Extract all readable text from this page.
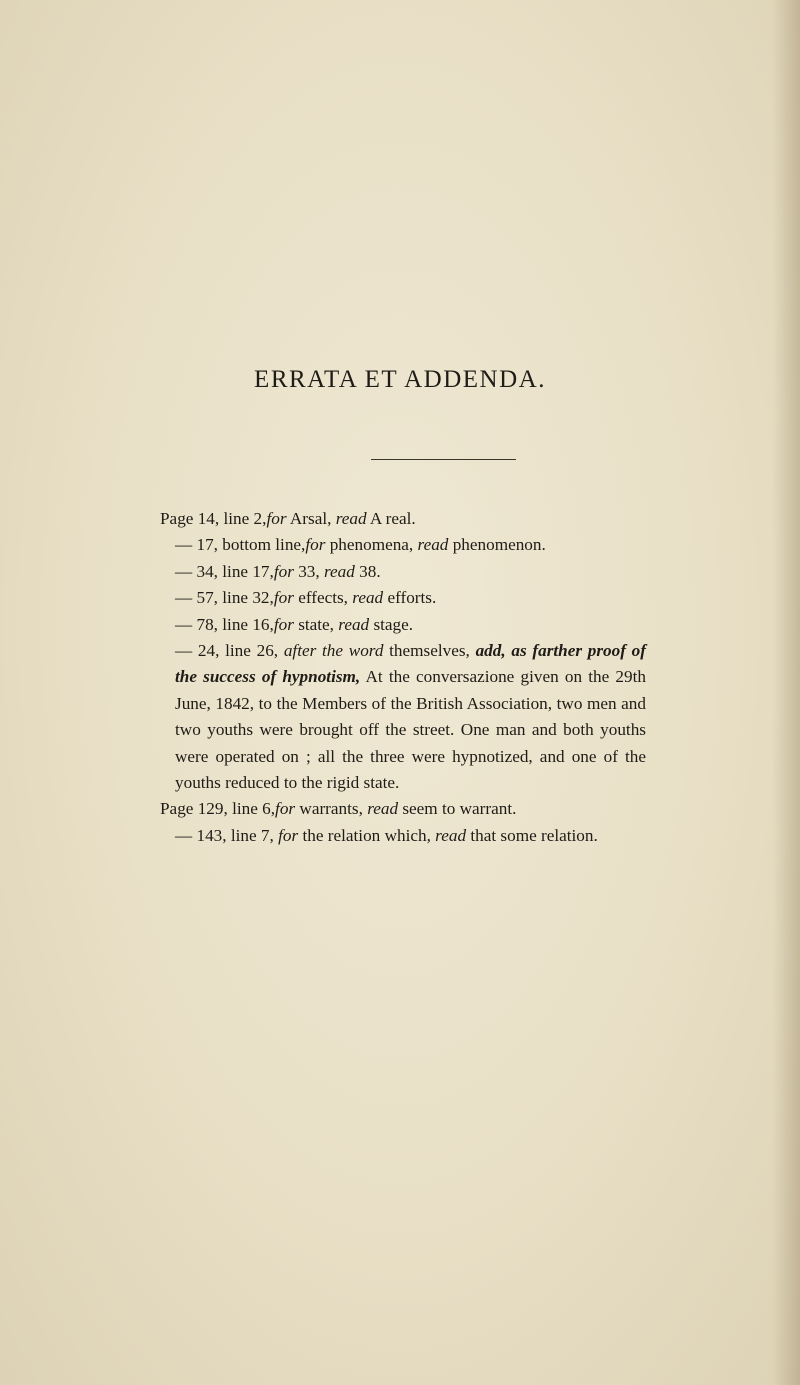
ERRATA ET ADDENDA.
Page 14, line 2,for Arsal, read A real.
— 17, bottom line,for phenomena, read phenomenon.
— 34, line 17,for 33, read 38.
— 57, line 32,for effects, read efforts.
— 78, line 16,for state, read stage.
— 24, line 26, after the word themselves, add, as farther proof of the success of hypnotism, At the conversazione given on the 29th June, 1842, to the Members of the British Association, two men and two youths were brought off the street. One man and both youths were operated on ; all the three were hypnotized, and one of the youths reduced to the rigid state.
Page 129, line 6,for warrants, read seem to warrant.
— 143, line 7, for the relation which, read that some relation.
